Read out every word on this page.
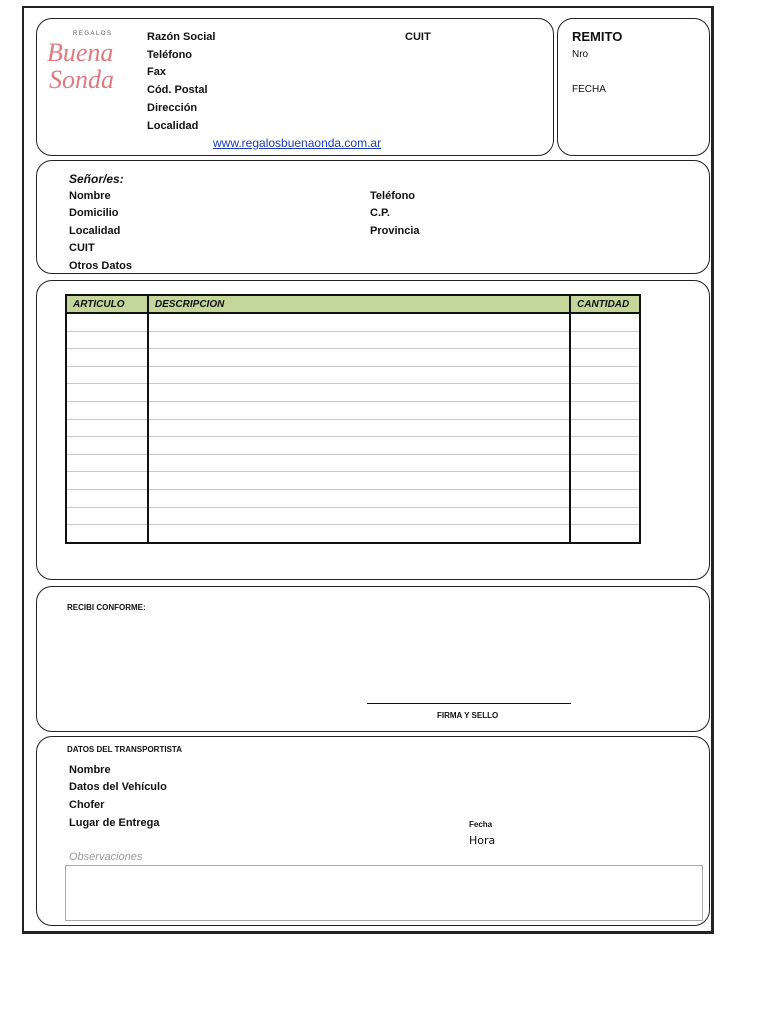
REGALOS
Buena
Sonda
Razón Social
Teléfono
Fax
Cód. Postal
Dirección
Localidad
CUIT
www.regalosbuenaonda.com.ar
REMITO
Nro
FECHA
Señor/es:
Nombre
Domicilio
Localidad
CUIT
Otros Datos
Teléfono
C.P.
Provincia
ARTICULO	DESCRIPCION	CANTIDAD

RECIBI CONFORME:
FIRMA Y SELLO
DATOS DEL TRANSPORTISTA
Nombre
Datos del Vehículo
Chofer
Lugar de Entrega	Fecha
Hora
Observaciones
